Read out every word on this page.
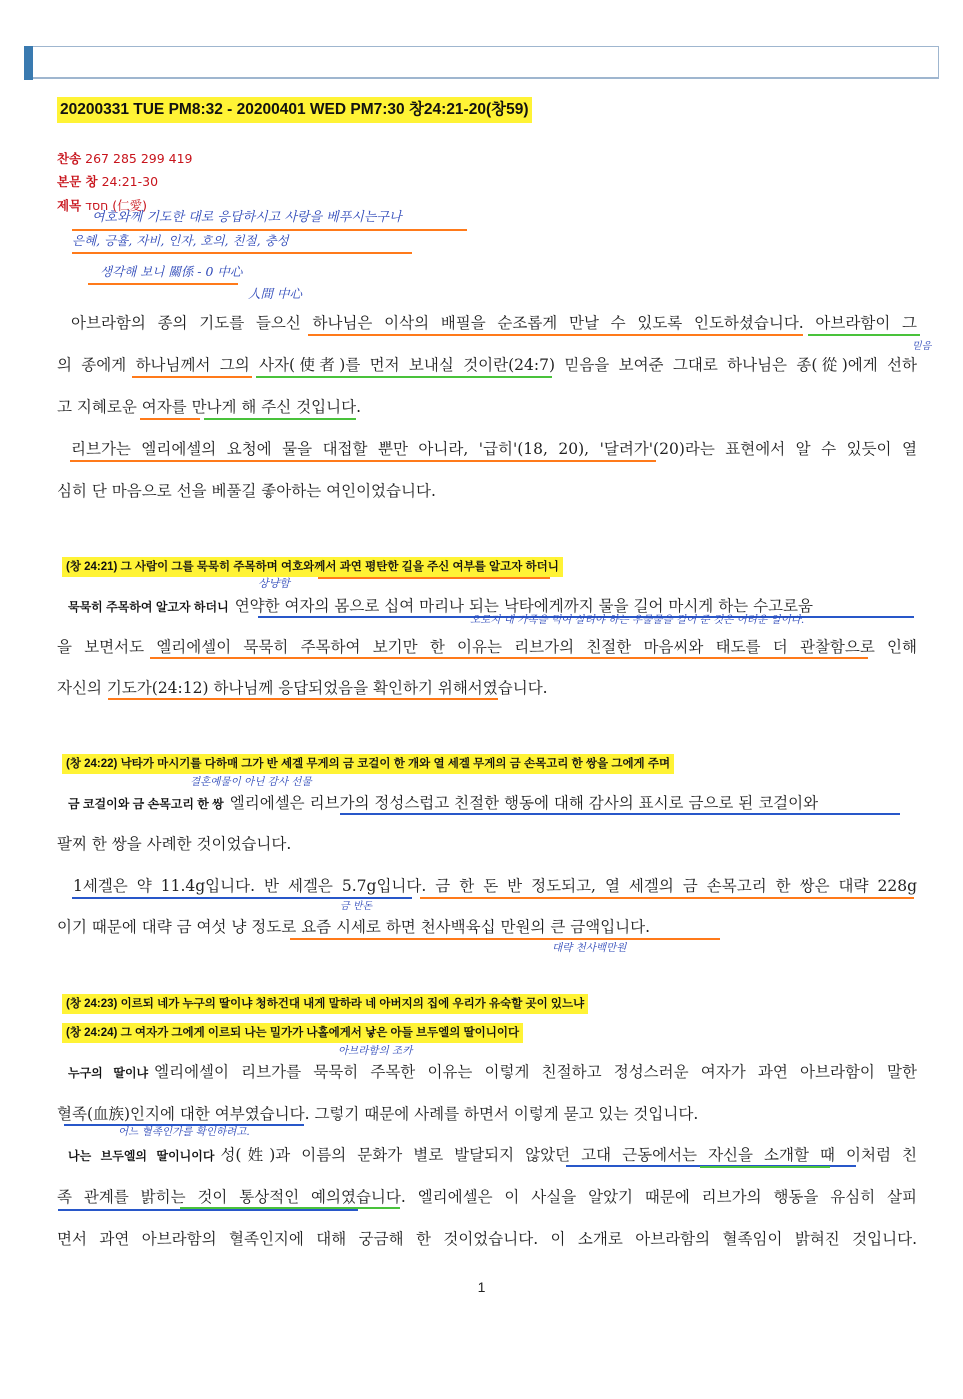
20200331 TUE PM8:32 - 20200401 WED PM7:30 창24:21-20(창59)
찬송 267 285 299 419
본문 창 24:21-30
제목 חסד (仁愛)
여호와께 기도한 대로 응답하시고 사랑을 베푸시는구나
은혜, 긍휼, 자비, 인자, 호의, 친절, 충성
생각해 보니 關係 - 0 中心
人間 中心
아브라함의 종의 기도를 들으신 하나님은 이삭의 배필을 순조롭게 만날 수 있도록 인도하셨습니다. 아브라함이 그
믿음
의 종에게 하나님께서 그의 사자(使者)를 먼저 보내실 것이란(24:7) 믿음을 보여준 그대로 하나님은 종(從)에게 선하
고 지혜로운 여자를 만나게 해 주신 것입니다.
리브가는 엘리에셀의 요청에 물을 대접할 뿐만 아니라, '급히'(18, 20), '달려가'(20)라는 표현에서 알 수 있듯이 열
심히 단 마음으로 선을 베풀길 좋아하는 여인이었습니다.
(창 24:21) 그 사람이 그를 묵묵히 주목하며 여호와께서 과연 평탄한 길을 주신 여부를 알고자 하더니
상냥함
묵묵히 주목하여 알고자 하더니 연약한 여자의 몸으로 십여 마리나 되는 낙타에게까지 물을 길어 마시게 하는 수고로움
오로지 내 가족을 먹여 살려야 하는 우물물을 길어 준 것은 어려운 일이다.
을 보면서도 엘리에셀이 묵묵히 주목하여 보기만 한 이유는 리브가의 친절한 마음씨와 태도를 더 관찰함으로 인해
자신의 기도가(24:12) 하나님께 응답되었음을 확인하기 위해서였습니다.
(창 24:22) 낙타가 마시기를 다하매 그가 반 세겔 무게의 금 코걸이 한 개와 열 세겔 무게의 금 손목고리 한 쌍을 그에게 주며
결혼예물이 아닌 감사 선물
금 코걸이와 금 손목고리 한 쌍 엘리에셀은 리브가의 정성스럽고 친절한 행동에 대해 감사의 표시로 금으로 된 코걸이와
팔찌 한 쌍을 사례한 것이었습니다.
1세겔은 약 11.4g입니다. 반 세겔은 5.7g입니다. 금 한 돈 반 정도되고, 열 세겔의 금 손목고리 한 쌍은 대략 228g
금 반돈
이기 때문에 대략 금 여섯 냥 정도로 요즘 시세로 하면 천사백육십 만원의 큰 금액입니다.
대략 천사백만원
(창 24:23) 이르되 네가 누구의 딸이냐 청하건대 내게 말하라 네 아버지의 집에 우리가 유숙할 곳이 있느냐
(창 24:24) 그 여자가 그에게 이르되 나는 밀가가 나홀에게서 낳은 아들 브두엘의 딸이니이다
아브라함의 조카
누구의 딸이냐 엘리에셀이 리브가를 묵묵히 주목한 이유는 이렇게 친절하고 정성스러운 여자가 과연 아브라함이 말한
혈족(血族)인지에 대한 여부였습니다. 그렇기 때문에 사례를 하면서 이렇게 묻고 있는 것입니다.
어느 혈족인가를 확인하려고.
나는 브두엘의 딸이니이다 성(姓)과 이름의 문화가 별로 발달되지 않았던 고대 근동에서는 자신을 소개할 때 이처럼 친
족 관계를 밝히는 것이 통상적인 예의였습니다. 엘리에셀은 이 사실을 알았기 때문에 리브가의 행동을 유심히 살피
면서 과연 아브라함의 혈족인지에 대해 궁금해 한 것이었습니다. 이 소개로 아브라함의 혈족임이 밝혀진 것입니다.
1
